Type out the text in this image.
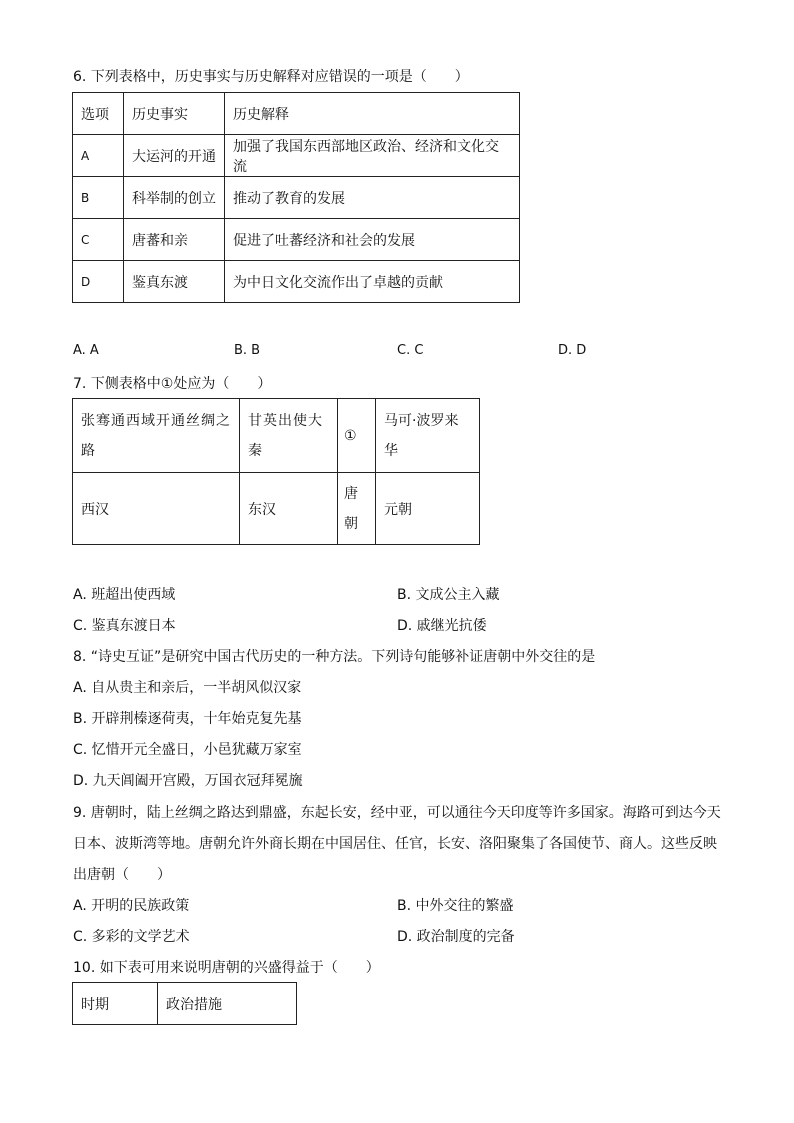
6. 下列表格中，历史事实与历史解释对应错误的一项是（　　）
选项	历史事实	历史解释
A	大运河的开通	加强了我国东西部地区政治、经济和文化交流
B	科举制的创立	推动了教育的发展
C	唐蕃和亲	促进了吐蕃经济和社会的发展
D	鉴真东渡	为中日文化交流作出了卓越的贡献
A. A	B. B	C. C	D. D
7. 下侧表格中①处应为（　　）
张骞通西域开通丝绸之路	甘英出使大秦	①	马可·波罗来华
西汉	东汉	唐朝	元朝
A. 班超出使西域	B. 文成公主入藏
C. 鉴真东渡日本	D. 戚继光抗倭
8. “诗史互证”是研究中国古代历史的一种方法。下列诗句能够补证唐朝中外交往的是
A. 自从贵主和亲后，一半胡风似汉家
B. 开辟荆榛逐荷夷，十年始克复先基
C. 忆惜开元全盛日，小邑犹藏万家室
D. 九天阊阖开宫殿，万国衣冠拜冕旒
9. 唐朝时，陆上丝绸之路达到鼎盛，东起长安，经中亚，可以通往今天印度等许多国家。海路可到达今天
日本、波斯湾等地。唐朝允许外商长期在中国居住、任官，长安、洛阳聚集了各国使节、商人。这些反映
出唐朝（　　）
A. 开明的民族政策	B. 中外交往的繁盛
C. 多彩的文学艺术	D. 政治制度的完备
10. 如下表可用来说明唐朝的兴盛得益于（　　）
时期	政治措施
